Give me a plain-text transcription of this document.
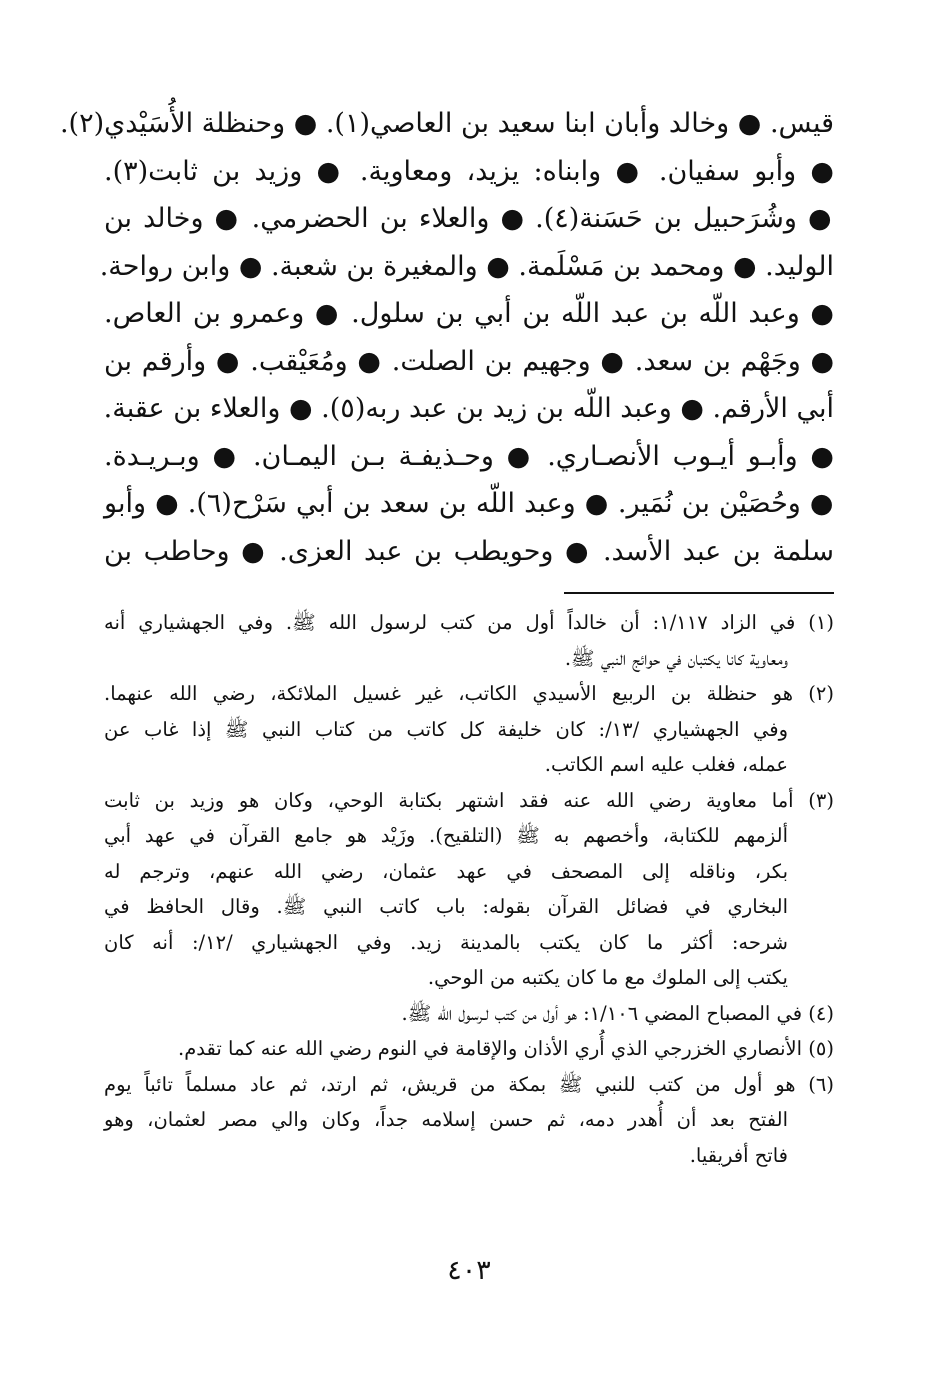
قيس. ● وخالد وأبان ابنا سعيد بن العاصي(١). ● وحنظلة الأُسَيْدي(٢).
● وأبو سفيان. ● وابناه: يزيد، ومعاوية. ● وزيد بن ثابت(٣).
● وشُرَحبيل بن حَسَنة(٤). ● والعلاء بن الحضرمي. ● وخالد بن
الوليد. ● ومحمد بن مَسْلَمة. ● والمغيرة بن شعبة. ● وابن رواحة.
● وعبد اللّه بن عبد اللّه بن أبي بن سلول. ● وعمرو بن العاص.
● وجَهْم بن سعد. ● وجهيم بن الصلت. ● ومُعَيْقب. ● وأرقم بن
أبي الأرقم. ● وعبد اللّه بن زيد بن عبد ربه(٥). ● والعلاء بن عقبة.
● وأبـو أيـوب الأنصـاري. ● وحـذيفـة بـن اليمـان. ● وبـريـدة.
● وحُصَيْن بن نُمَير. ● وعبد اللّه بن سعد بن أبي سَرْح(٦). ● وأبو
سلمة بن عبد الأسد. ● وحويطب بن عبد العزى. ● وحاطب بن
(١) في الزاد ١/١١٧: أن خالداً أول من كتب لرسول الله ﷺ. وفي الجهشياري أنه
ومعاوية كانا يكتبان في حوائج النبي ﷺ.
(٢) هو حنظلة بن الربيع الأسيدي الكاتب، غير غسيل الملائكة، رضي الله عنهما.
وفي الجهشياري /١٣/: كان خليفة كل كاتب من كتاب النبي ﷺ إذا غاب عن
عمله، فغلب عليه اسم الكاتب.
(٣) أما معاوية رضي الله عنه فقد اشتهر بكتابة الوحي، وكان هو وزيد بن ثابت
ألزمهم للكتابة، وأخصهم به ﷺ (التلقيح). وزَيْد هو جامع القرآن في عهد أبي
بكر، وناقله إلى المصحف في عهد عثمان، رضي الله عنهم، وترجم له
البخاري في فضائل القرآن بقوله: باب كاتب النبي ﷺ. وقال الحافظ في
شرحه: أكثر ما كان يكتب بالمدينة زيد. وفي الجهشياري /١٢/: أنه كان
يكتب إلى الملوك مع ما كان يكتبه من الوحي.
(٤) في المصباح المضي ١/١٠٦: هو أول من كتب لـرسول الله ﷺ.
(٥) الأنصاري الخزرجي الذي أُري الأذان والإقامة في النوم رضي الله عنه كما تقدم.
(٦) هو أول من كتب للنبي ﷺ بمكة من قريش، ثم ارتد، ثم عاد مسلماً تائباً يوم
الفتح بعد أن أُهدر دمه، ثم حسن إسلامه جداً، وكان والي مصر لعثمان، وهو
فاتح أفريقيا.
٤٠٣
